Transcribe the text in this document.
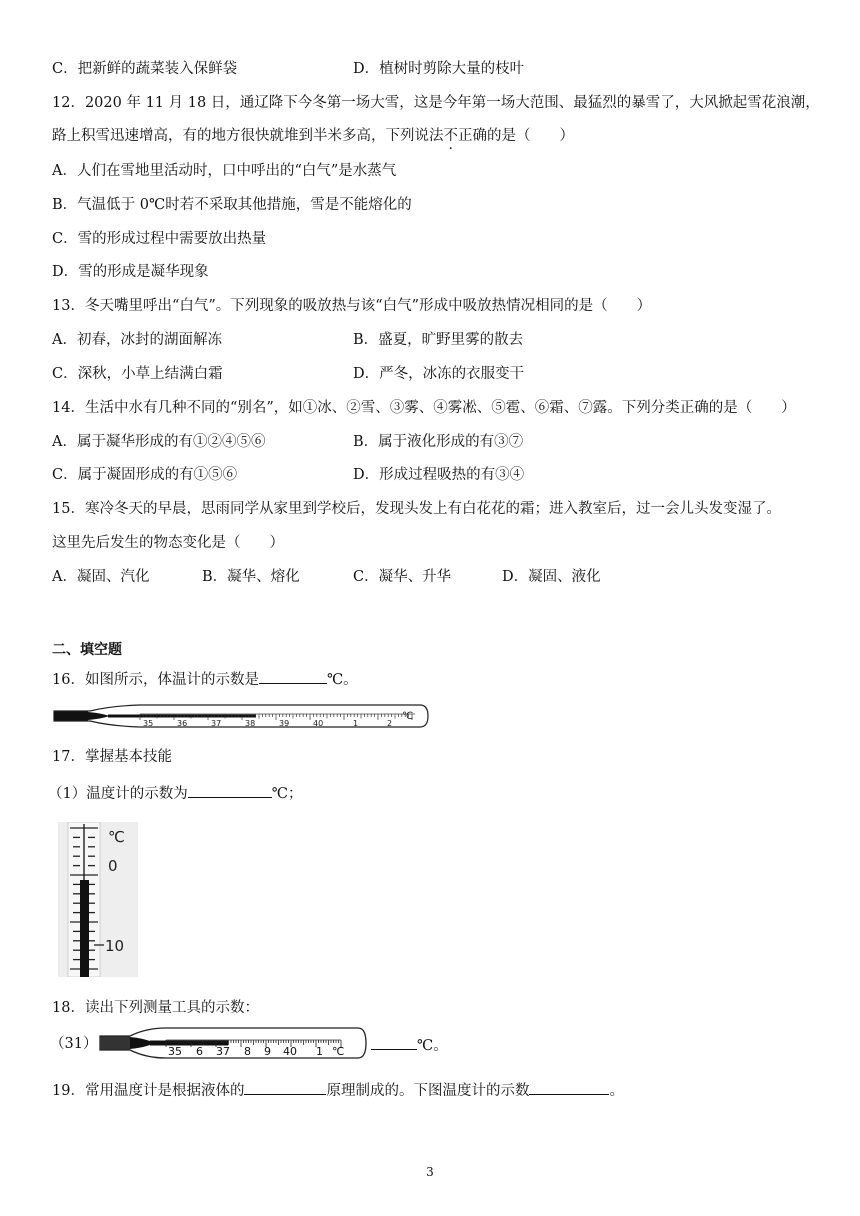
C．把新鲜的蔬菜装入保鲜袋	D．植树时剪除大量的枝叶
12．2020 年 11 月 18 日，通辽降下今冬第一场大雪，这是今年第一场大范围、最猛烈的暴雪了，大风掀起雪花浪潮，
路上积雪迅速增高，有的地方很快就堆到半米多高，下列说法不正确的是（　　）
A．人们在雪地里活动时，口中呼出的“白气”是水蒸气
B．气温低于 0℃时若不采取其他措施，雪是不能熔化的
C．雪的形成过程中需要放出热量
D．雪的形成是凝华现象
13．冬天嘴里呼出“白气”。下列现象的吸放热与该“白气”形成中吸放热情况相同的是（　　）
A．初春，冰封的湖面解冻	B．盛夏，旷野里雾的散去
C．深秋，小草上结满白霜	D．严冬，冰冻的衣服变干
14．生活中水有几种不同的“别名”，如①冰、②雪、③雾、④雾凇、⑤雹、⑥霜、⑦露。下列分类正确的是（　　）
A．属于凝华形成的有①②④⑤⑥	B．属于液化形成的有③⑦
C．属于凝固形成的有①⑤⑥	D．形成过程吸热的有③④
15．寒冷冬天的早晨，思雨同学从家里到学校后，发现头发上有白花花的霜；进入教室后，过一会儿头发变湿了。
这里先后发生的物态变化是（　　）
A．凝固、汽化	B．凝华、熔化	C．凝华、升华	D．凝固、液化
二、填空题
16．如图所示，体温计的示数是	℃。
35	36	37	38	39	40	1	2
℃
17．掌握基本技能
（1）温度计的示数为	℃；
℃
0
10
18．读出下列测量工具的示数：
（31）	35 6 37 8 9 40 1 ℃	℃。
19．常用温度计是根据液体的	原理制成的。下图温度计的示数	。
3
